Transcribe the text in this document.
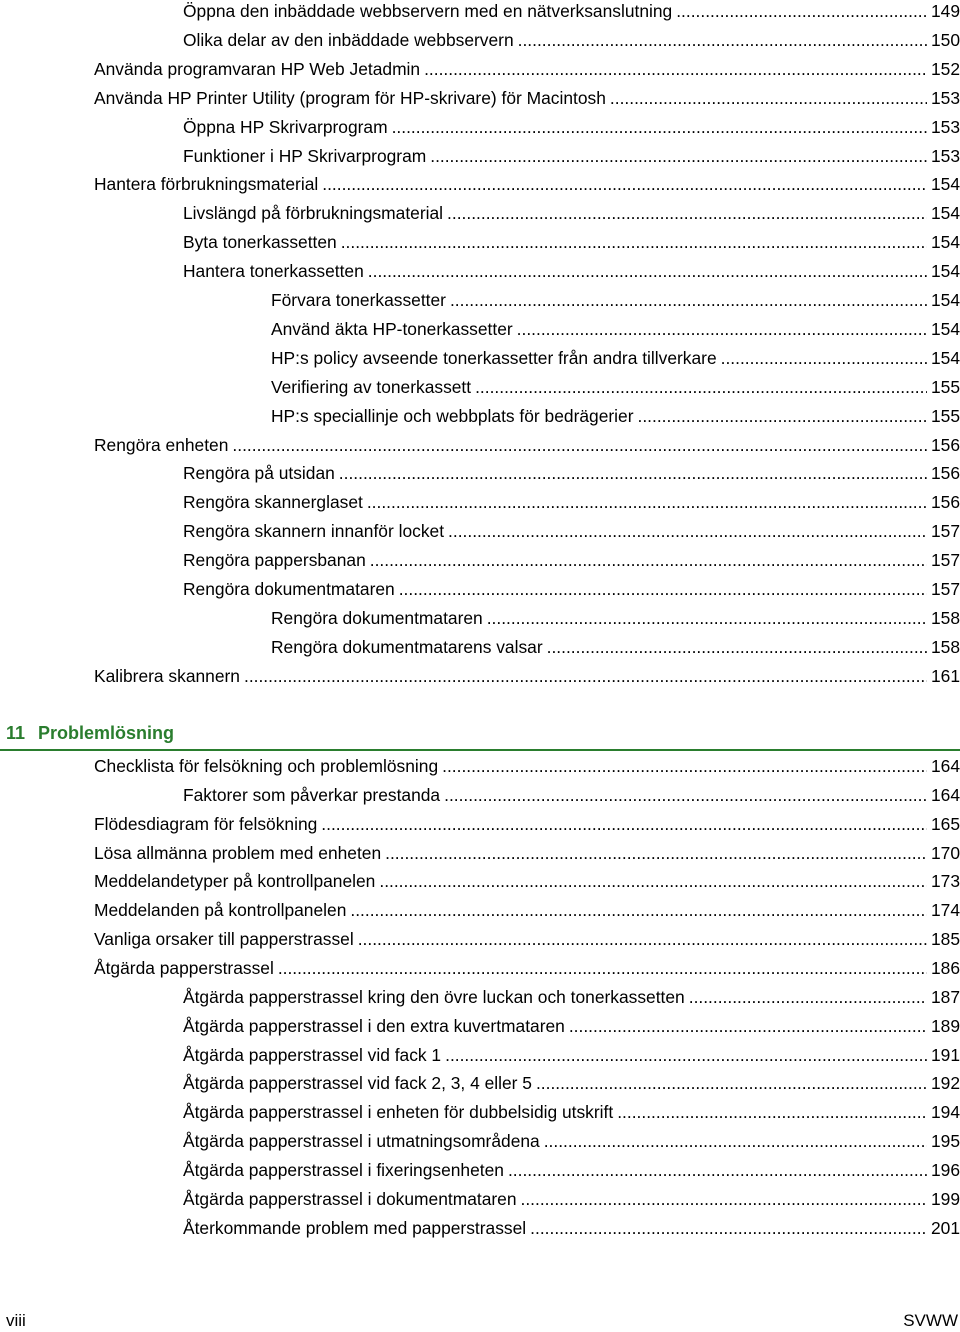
Öppna den inbäddade webbservern med en nätverksanslutning .....	149
Olika delar av den inbäddade webbservern .....	150
Använda programvaran HP Web Jetadmin .....	152
Använda HP Printer Utility (program för HP-skrivare) för Macintosh .....	153
Öppna HP Skrivarprogram .....	153
Funktioner i HP Skrivarprogram .....	153
Hantera förbrukningsmaterial .....	154
Livslängd på förbrukningsmaterial .....	154
Byta tonerkassetten .....	154
Hantera tonerkassetten .....	154
Förvara tonerkassetter .....	154
Använd äkta HP-tonerkassetter .....	154
HP:s policy avseende tonerkassetter från andra tillverkare .....	154
Verifiering av tonerkassett .....	155
HP:s speciallinje och webbplats för bedrägerier .....	155
Rengöra enheten .....	156
Rengöra på utsidan .....	156
Rengöra skannerglaset .....	156
Rengöra skannern innanför locket .....	157
Rengöra pappersbanan .....	157
Rengöra dokumentmataren .....	157
Rengöra dokumentmataren .....	158
Rengöra dokumentmatarens valsar .....	158
Kalibrera skannern .....	161
11 Problemlösning
Checklista för felsökning och problemlösning .....	164
Faktorer som påverkar prestanda .....	164
Flödesdiagram för felsökning .....	165
Lösa allmänna problem med enheten .....	170
Meddelandetyper på kontrollpanelen .....	173
Meddelanden på kontrollpanelen .....	174
Vanliga orsaker till papperstrassel .....	185
Åtgärda papperstrassel .....	186
Åtgärda papperstrassel kring den övre luckan och tonerkassetten .....	187
Åtgärda papperstrassel i den extra kuvertmataren .....	189
Åtgärda papperstrassel vid fack 1 .....	191
Åtgärda papperstrassel vid fack 2, 3, 4 eller 5 .....	192
Åtgärda papperstrassel i enheten för dubbelsidig utskrift .....	194
Åtgärda papperstrassel i utmatningsområdena .....	195
Åtgärda papperstrassel i fixeringsenheten .....	196
Åtgärda papperstrassel i dokumentmataren .....	199
Återkommande problem med papperstrassel .....	201
viii	SVWW
